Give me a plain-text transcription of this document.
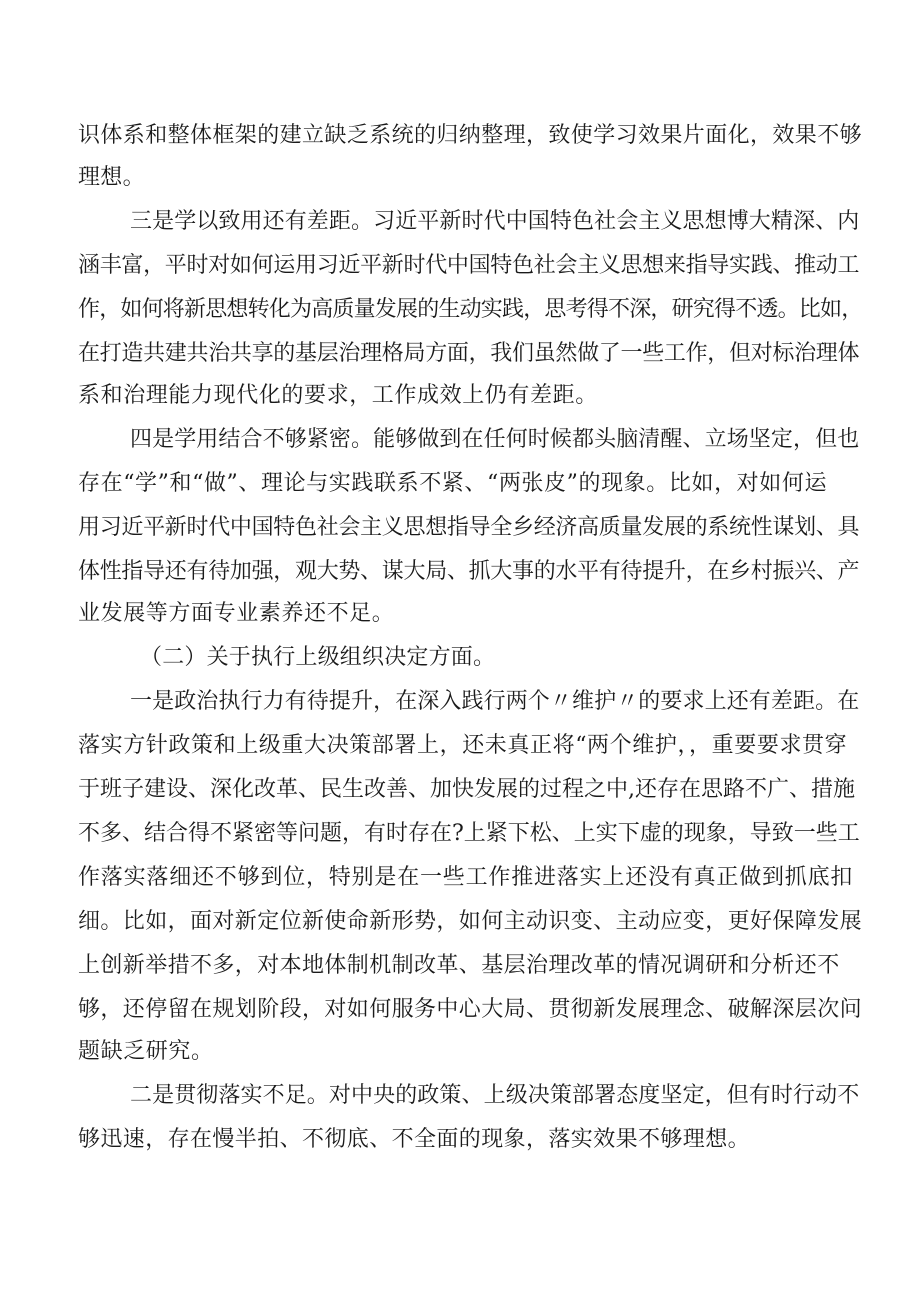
识体系和整体框架的建立缺乏系统的归纳整理，致使学习效果片面化，效果不够
理想。
三是学以致用还有差距。习近平新时代中国特色社会主义思想博大精深、内
涵丰富，平时对如何运用习近平新时代中国特色社会主义思想来指导实践、推动工
作，如何将新思想转化为高质量发展的生动实践，思考得不深，研究得不透。比如，
在打造共建共治共享的基层治理格局方面，我们虽然做了一些工作，但对标治理体
系和治理能力现代化的要求，工作成效上仍有差距。
四是学用结合不够紧密。能够做到在任何时候都头脑清醒、立场坚定，但也
存在“学”和“做”、理论与实践联系不紧、“两张皮”的现象。比如，对如何运
用习近平新时代中国特色社会主义思想指导全乡经济高质量发展的系统性谋划、具
体性指导还有待加强，观大势、谋大局、抓大事的水平有待提升，在乡村振兴、产
业发展等方面专业素养还不足。
（二）关于执行上级组织决定方面。
一是政治执行力有待提升，在深入践行两个〃维护〃的要求上还有差距。在
落实方针政策和上级重大决策部署上，还未真正将“两个维护，，重要要求贯穿
于班子建设、深化改革、民生改善、加快发展的过程之中,还存在思路不广、措施
不多、结合得不紧密等问题，有时存在?上紧下松、上实下虚的现象，导致一些工
作落实落细还不够到位，特别是在一些工作推进落实上还没有真正做到抓底扣
细。比如，面对新定位新使命新形势，如何主动识变、主动应变，更好保障发展
上创新举措不多，对本地体制机制改革、基层治理改革的情况调研和分析还不
够，还停留在规划阶段，对如何服务中心大局、贯彻新发展理念、破解深层次问
题缺乏研究。
二是贯彻落实不足。对中央的政策、上级决策部署态度坚定，但有时行动不
够迅速，存在慢半拍、不彻底、不全面的现象，落实效果不够理想。
